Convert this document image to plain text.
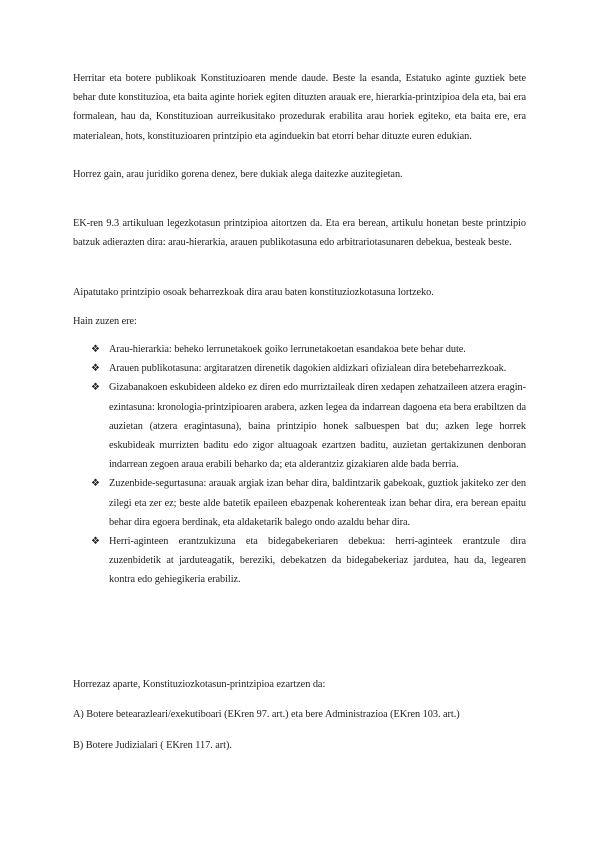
Herritar eta botere publikoak Konstituzioaren mende daude. Beste la esanda, Estatuko aginte guztiek bete behar dute konstituzioa, eta baita aginte horiek egiten dituzten arauak ere, hierarkia-printzipioa dela eta, bai era formalean, hau da, Konstituzioan aurreikusitako prozedurak erabilita arau horiek egiteko, eta baita ere, era materialean, hots, konstituzioaren printzipio eta aginduekin bat etorri behar dituzte euren edukian.

Horrez gain, arau juridiko gorena denez, bere dukiak alega daitezke auzitegietan.

EK-ren 9.3 artikuluan legezkotasun printzipioa aitortzen da. Eta era berean, artikulu honetan beste printzipio batzuk adierazten dira: arau-hierarkia, arauen publikotasuna edo arbitrariotasunaren debekua, besteak beste.

Aipatutako printzipio osoak beharrezkoak dira arau baten konstituziozkotasuna lortzeko.

Hain zuzen ere:

❖ Arau-hierarkia: beheko lerrunetakoek goiko lerrunetakoetan esandakoa bete behar dute.
❖ Arauen publikotasuna: argitaratzen direnetik dagokien aldizkari ofizialean dira betebeharrezkoak.
❖ Gizabanakoen eskubideen aldeko ez diren edo murriztaileak diren xedapen zehatzaileen atzera eragin-ezintasuna: kronologia-printzipioaren arabera, azken legea da indarrean dagoena eta bera erabiltzen da auzietan (atzera eragintasuna), baina printzipio honek salbuespen bat du; azken lege horrek eskubideak murrizten baditu edo zigor altuagoak ezartzen baditu, auzietan gertakizunen denboran indarrean zegoen araua erabili beharko da; eta alderantziz gizakiaren alde bada berria.
❖ Zuzenbide-segurtasuna: arauak argiak izan behar dira, baldintzarik gabekoak, guztiok jakiteko zer den zilegi eta zer ez; beste alde batetik epaileen ebazpenak koherenteak izan behar dira, era berean epaitu behar dira egoera berdinak, eta aldaketarik balego ondo azaldu behar dira.
❖ Herri-aginteen erantzukizuna eta bidegabekeriaren debekua: herri-aginteek erantzule dira zuzenbidetik at jarduteagatik, bereziki, debekatzen da bidegabekeriaz jardutea, hau da, legearen kontra edo gehiegikeria erabiliz.

Horrezaz aparte, Konstituziozkotasun-printzipioa ezartzen da:

A) Botere betearazleari/exekutiboari (EKren 97. art.) eta bere Administrazioa (EKren 103. art.)

B) Botere Judizialari ( EKren 117. art).
